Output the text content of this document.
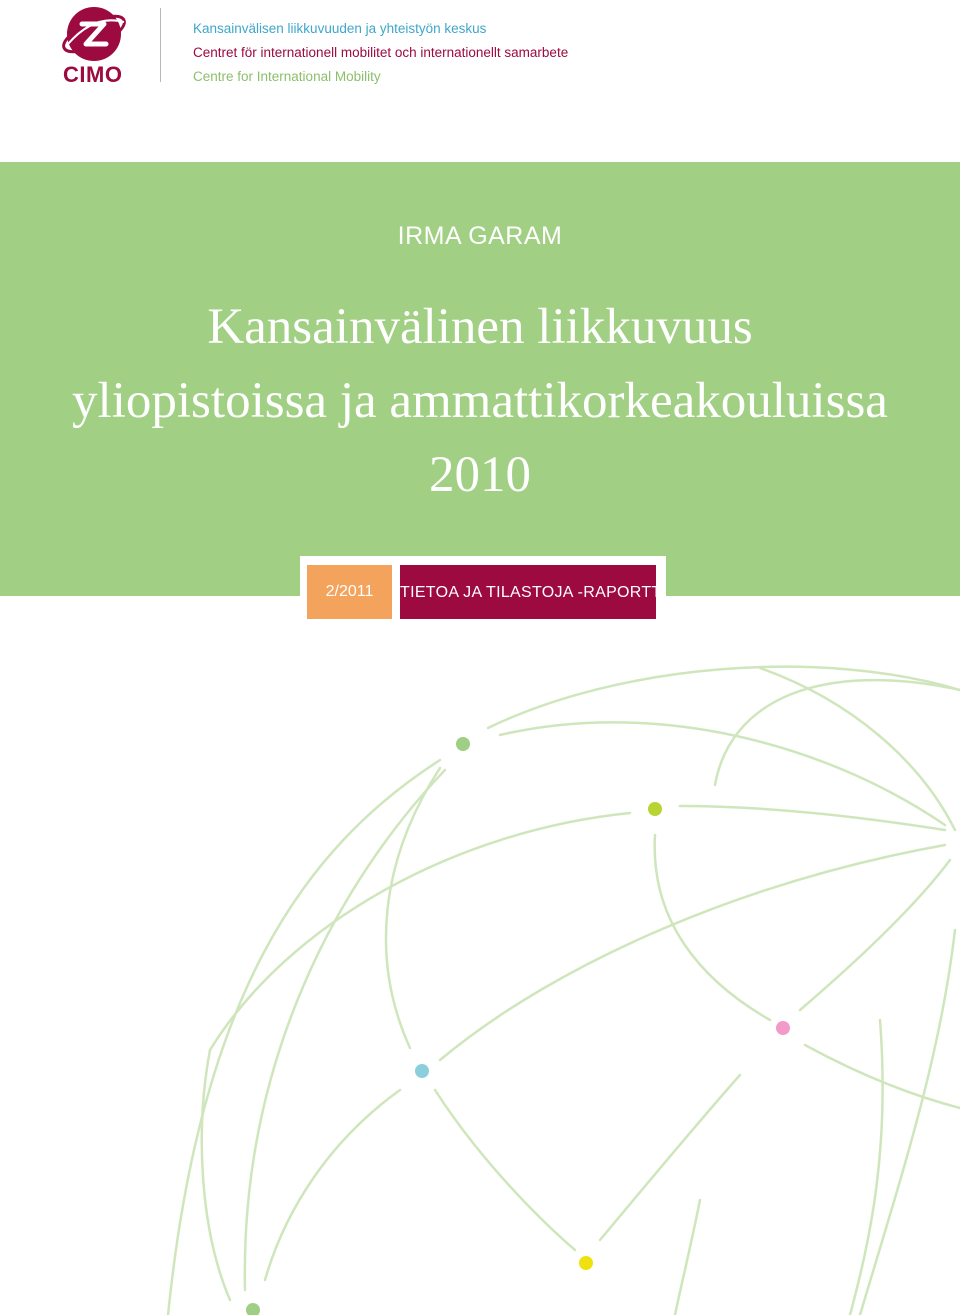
CIMO
Kansainvälisen liikkuvuuden ja yhteistyön keskus
Centret för internationell mobilitet och internationellt samarbete
Centre for International Mobility
IRMA GARAM
Kansainvälinen liikkuvuus
yliopistoissa ja ammattikorkeakouluissa
2010
2/2011	TIETOA JA TILASTOJA -RAPORTTI
